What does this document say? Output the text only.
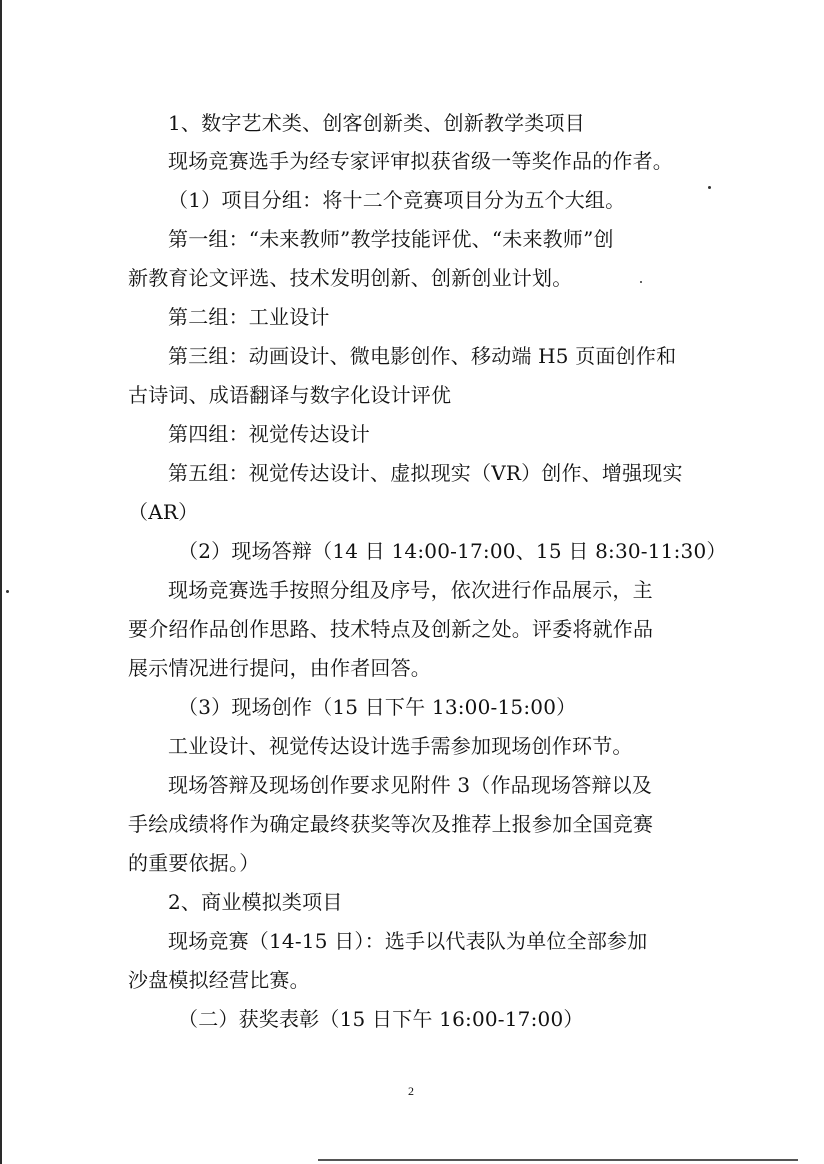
1、数字艺术类、创客创新类、创新教学类项目
现场竞赛选手为经专家评审拟获省级一等奖作品的作者。
（1）项目分组：将十二个竞赛项目分为五个大组。
第一组：“未来教师”教学技能评优、“未来教师”创
新教育论文评选、技术发明创新、创新创业计划。
第二组：工业设计
第三组：动画设计、微电影创作、移动端 H5 页面创作和
古诗词、成语翻译与数字化设计评优
第四组：视觉传达设计
第五组：视觉传达设计、虚拟现实（VR）创作、增强现实
（AR）
（2）现场答辩（14 日 14:00-17:00、15 日 8:30-11:30）
现场竞赛选手按照分组及序号，依次进行作品展示，主
要介绍作品创作思路、技术特点及创新之处。评委将就作品
展示情况进行提问，由作者回答。
（3）现场创作（15 日下午 13:00-15:00）
工业设计、视觉传达设计选手需参加现场创作环节。
现场答辩及现场创作要求见附件 3（作品现场答辩以及
手绘成绩将作为确定最终获奖等次及推荐上报参加全国竞赛
的重要依据。）
2、商业模拟类项目
现场竞赛（14-15 日）：选手以代表队为单位全部参加
沙盘模拟经营比赛。
（二）获奖表彰（15 日下午 16:00-17:00）
2
